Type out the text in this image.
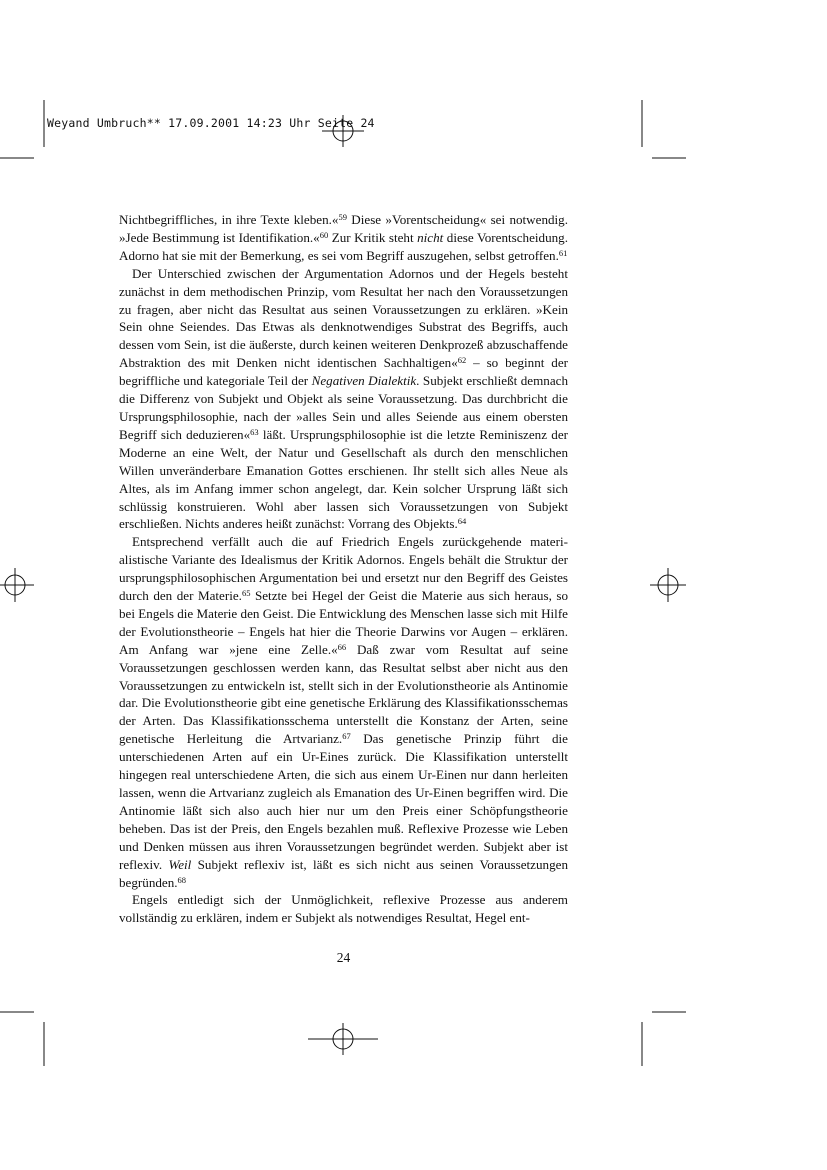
Weyand Umbruch** 17.09.2001 14:23 Uhr Seite 24

Nichtbegriffliches, in ihre Texte kleben.«$^{59}$ Diese »Vorentscheidung« sei notwendig. »Jede Bestimmung ist Identifikation.«$^{60}$ Zur Kritik steht nicht diese Vorentscheidung. Adorno hat sie mit der Bemerkung, es sei vom Begriff auszugehen, selbst getroffen.$^{61}$

Der Unterschied zwischen der Argumentation Adornos und der Hegels besteht zunächst in dem methodischen Prinzip, vom Resultat her nach den Voraussetzungen zu fragen, aber nicht das Resultat aus seinen Voraussetzungen zu erklären. »Kein Sein ohne Seiendes. Das Etwas als denknotwendiges Substrat des Begriffs, auch dessen vom Sein, ist die äußerste, durch keinen weiteren Denkprozeß abzuschaffende Abstraktion des mit Denken nicht identischen Sachhaltigen«$^{62}$ – so beginnt der begriffliche und kategoriale Teil der Negativen Dialektik. Subjekt erschließt demnach die Differenz von Subjekt und Objekt als seine Voraussetzung. Das durchbricht die Ursprungsphilosophie, nach der »alles Sein und alles Seiende aus einem obersten Begriff sich deduzieren«$^{63}$ läßt. Ursprungsphilosophie ist die letzte Reminiszenz der Moderne an eine Welt, der Natur und Gesellschaft als durch den menschlichen Willen unveränderbare Emanation Gottes erschienen. Ihr stellt sich alles Neue als Altes, als im Anfang immer schon angelegt, dar. Kein solcher Ursprung läßt sich schlüssig konstruieren. Wohl aber lassen sich Voraussetzungen von Subjekt erschließen. Nichts anderes heißt zunächst: Vorrang des Objekts.$^{64}$

Entsprechend verfällt auch die auf Friedrich Engels zurückgehende materialistische Variante des Idealismus der Kritik Adornos. Engels behält die Struktur der ursprungsphilosophischen Argumentation bei und ersetzt nur den Begriff des Geistes durch den der Materie.$^{65}$ Setzte bei Hegel der Geist die Materie aus sich heraus, so bei Engels die Materie den Geist. Die Entwicklung des Menschen lasse sich mit Hilfe der Evolutionstheorie – Engels hat hier die Theorie Darwins vor Augen – erklären. Am Anfang war »jene eine Zelle.«$^{66}$ Daß zwar vom Resultat auf seine Voraussetzungen geschlossen werden kann, das Resultat selbst aber nicht aus den Voraussetzungen zu entwickeln ist, stellt sich in der Evolutionstheorie als Antinomie dar. Die Evolutionstheorie gibt eine genetische Erklärung des Klassifikationsschemas der Arten. Das Klassifikationsschema unterstellt die Konstanz der Arten, seine genetische Herleitung die Artvarianz.$^{67}$ Das genetische Prinzip führt die unterschiedenen Arten auf ein Ur-Eines zurück. Die Klassifikation unterstellt hingegen real unterschiedene Arten, die sich aus einem Ur-Einen nur dann herleiten lassen, wenn die Artvarianz zugleich als Emanation des Ur-Einen begriffen wird. Die Antinomie läßt sich also auch hier nur um den Preis einer Schöpfungstheorie beheben. Das ist der Preis, den Engels bezahlen muß. Reflexive Prozesse wie Leben und Denken müssen aus ihren Voraussetzungen begründet werden. Subjekt aber ist reflexiv. Weil Subjekt reflexiv ist, läßt es sich nicht aus seinen Voraussetzungen begründen.$^{68}$

Engels entledigt sich der Unmöglichkeit, reflexive Prozesse aus anderem vollständig zu erklären, indem er Subjekt als notwendiges Resultat, Hegel ent-

24
